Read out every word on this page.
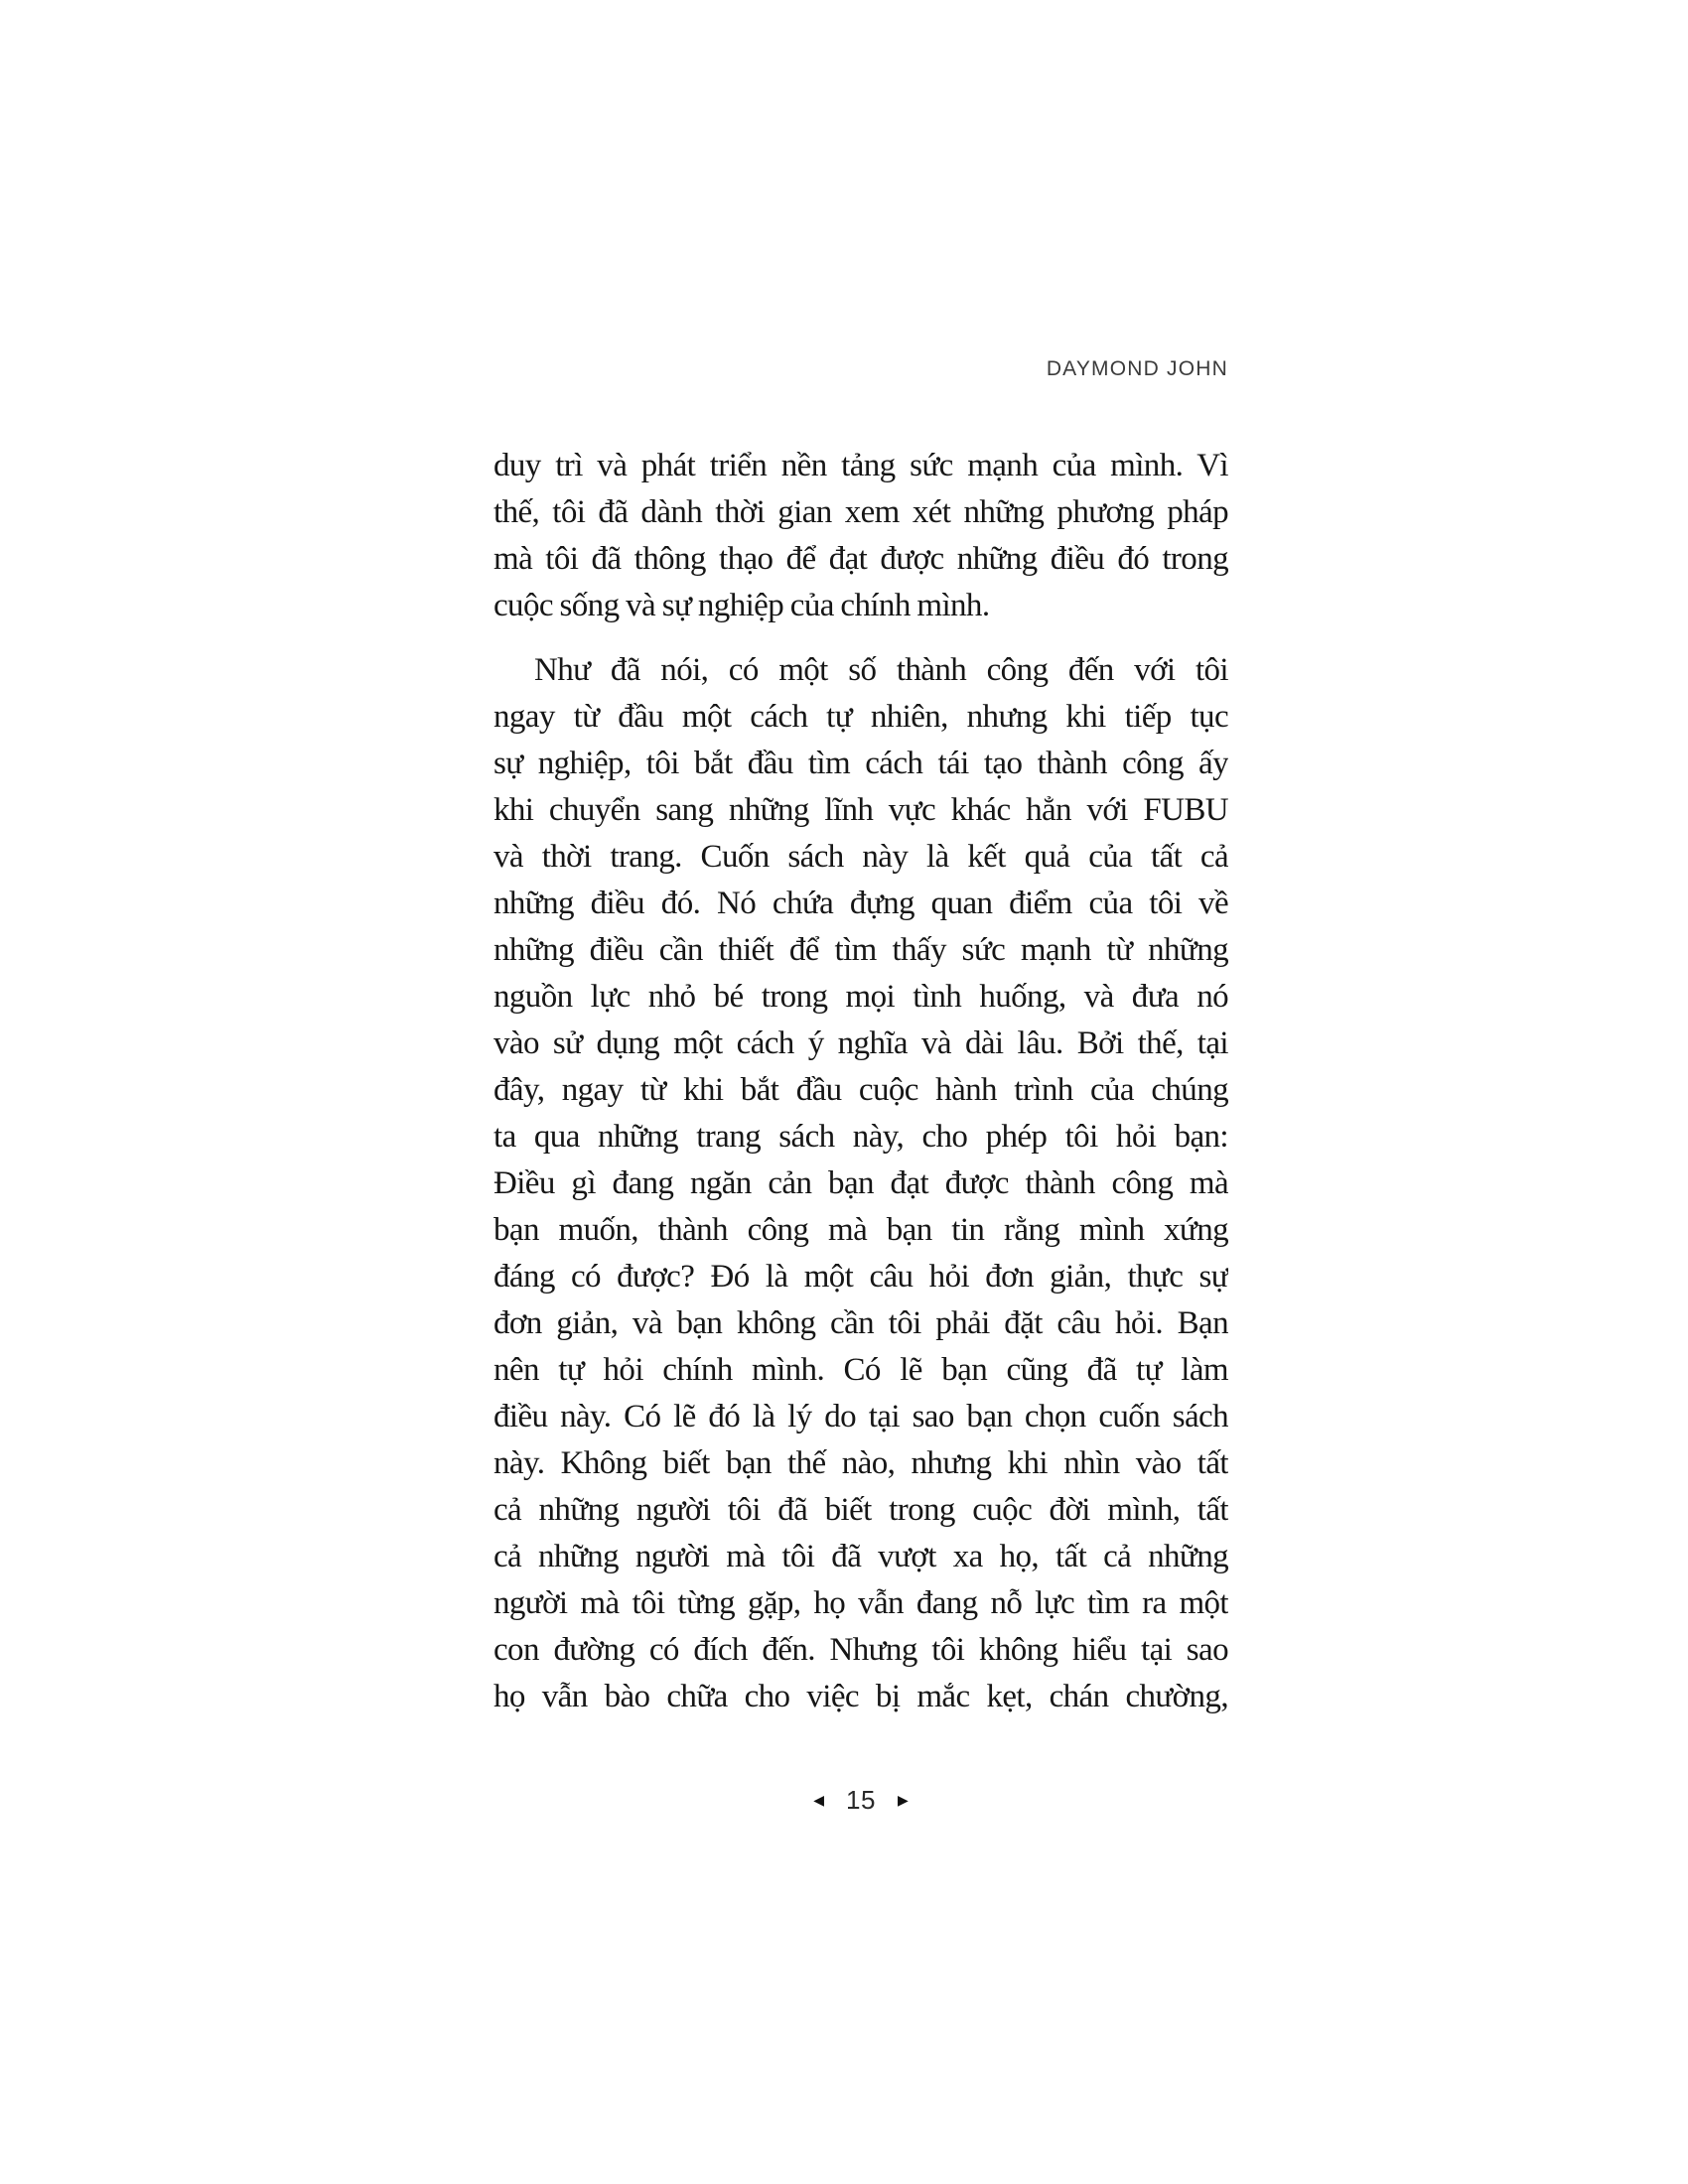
DAYMOND JOHN
duy trì và phát triển nền tảng sức mạnh của mình. Vì
thế, tôi đã dành thời gian xem xét những phương pháp
mà tôi đã thông thạo để đạt được những điều đó trong
cuộc sống và sự nghiệp của chính mình.
Như đã nói, có một số thành công đến với tôi
ngay từ đầu một cách tự nhiên, nhưng khi tiếp tục
sự nghiệp, tôi bắt đầu tìm cách tái tạo thành công ấy
khi chuyển sang những lĩnh vực khác hẳn với FUBU
và thời trang. Cuốn sách này là kết quả của tất cả
những điều đó. Nó chứa đựng quan điểm của tôi về
những điều cần thiết để tìm thấy sức mạnh từ những
nguồn lực nhỏ bé trong mọi tình huống, và đưa nó
vào sử dụng một cách ý nghĩa và dài lâu. Bởi thế, tại
đây, ngay từ khi bắt đầu cuộc hành trình của chúng
ta qua những trang sách này, cho phép tôi hỏi bạn:
Điều gì đang ngăn cản bạn đạt được thành công mà
bạn muốn, thành công mà bạn tin rằng mình xứng
đáng có được? Đó là một câu hỏi đơn giản, thực sự
đơn giản, và bạn không cần tôi phải đặt câu hỏi. Bạn
nên tự hỏi chính mình. Có lẽ bạn cũng đã tự làm
điều này. Có lẽ đó là lý do tại sao bạn chọn cuốn sách
này. Không biết bạn thế nào, nhưng khi nhìn vào tất
cả những người tôi đã biết trong cuộc đời mình, tất
cả những người mà tôi đã vượt xa họ, tất cả những
người mà tôi từng gặp, họ vẫn đang nỗ lực tìm ra một
con đường có đích đến. Nhưng tôi không hiểu tại sao
họ vẫn bào chữa cho việc bị mắc kẹt, chán chường,
◀ 15 ▶
